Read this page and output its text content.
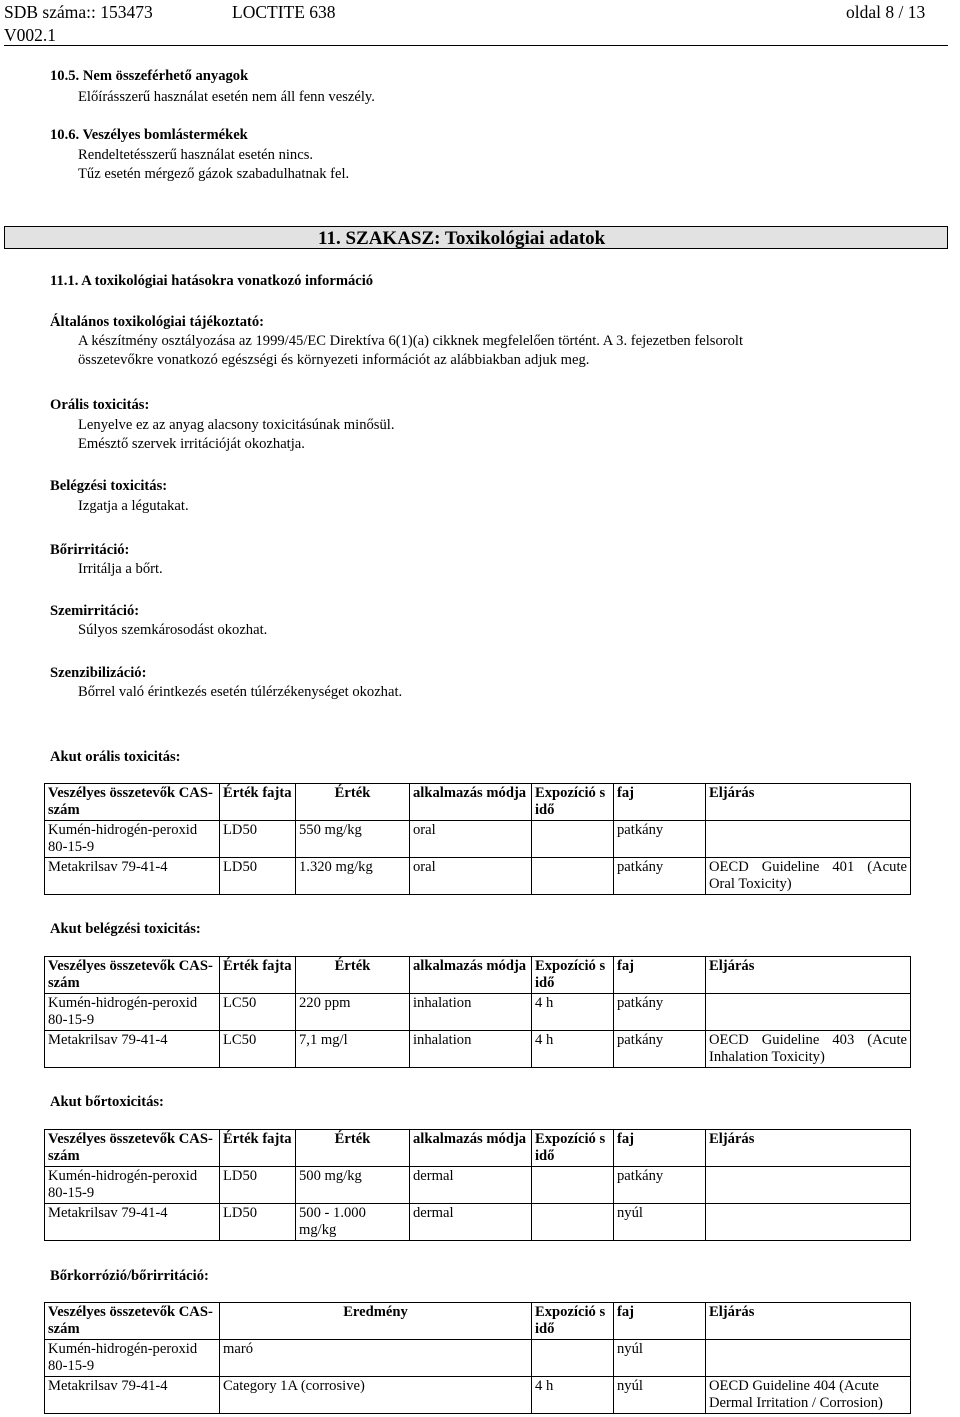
SDB száma:: 153473	LOCTITE 638	oldal 8 / 13
V002.1
10.5. Nem összeférhető anyagok
Előírásszerű használat esetén nem áll fenn veszély.
10.6. Veszélyes bomlástermékek
Rendeltetésszerű használat esetén nincs.
Tűz esetén mérgező gázok szabadulhatnak fel.
11. SZAKASZ: Toxikológiai adatok
11.1. A toxikológiai hatásokra vonatkozó információ
Általános toxikológiai tájékoztató:
A készítmény osztályozása az 1999/45/EC Direktíva 6(1)(a) cikknek megfelelően történt. A 3. fejezetben felsorolt
összetevőkre vonatkozó egészségi és környezeti információt az alábbiakban adjuk meg.
Orális toxicitás:
Lenyelve ez az anyag alacsony toxicitásúnak minősül.
Emésztő szervek irritációját okozhatja.
Belégzési toxicitás:
Izgatja a légutakat.
Bőrirritáció:
Irritálja a bőrt.
Szemirritáció:
Súlyos szemkárosodást okozhat.
Szenzibilizáció:
Bőrrel való érintkezés esetén túlérzékenységet okozhat.
Akut orális toxicitás:
Veszélyes összetevők CAS-szám	Érték fajta	Érték	alkalmazás módja	Expozíció s idő	faj	Eljárás
Kumén-hidrogén-peroxid 80-15-9	LD50	550 mg/kg	oral		patkány	
Metakrilsav 79-41-4	LD50	1.320 mg/kg	oral		patkány	OECD Guideline 401 (Acute Oral Toxicity)
Akut belégzési toxicitás:
Veszélyes összetevők CAS-szám	Érték fajta	Érték	alkalmazás módja	Expozíció s idő	faj	Eljárás
Kumén-hidrogén-peroxid 80-15-9	LC50	220 ppm	inhalation	4 h	patkány	
Metakrilsav 79-41-4	LC50	7,1 mg/l	inhalation	4 h	patkány	OECD Guideline 403 (Acute Inhalation Toxicity)
Akut bőrtoxicitás:
Veszélyes összetevők CAS-szám	Érték fajta	Érték	alkalmazás módja	Expozíció s idő	faj	Eljárás
Kumén-hidrogén-peroxid 80-15-9	LD50	500 mg/kg	dermal		patkány	
Metakrilsav 79-41-4	LD50	500 - 1.000 mg/kg	dermal		nyúl	
Bőrkorrózió/bőrirritáció:
Veszélyes összetevők CAS-szám	Eredmény	Expozíció s idő	faj	Eljárás
Kumén-hidrogén-peroxid 80-15-9	maró		nyúl	
Metakrilsav 79-41-4	Category 1A (corrosive)	4 h	nyúl	OECD Guideline 404 (Acute Dermal Irritation / Corrosion)
